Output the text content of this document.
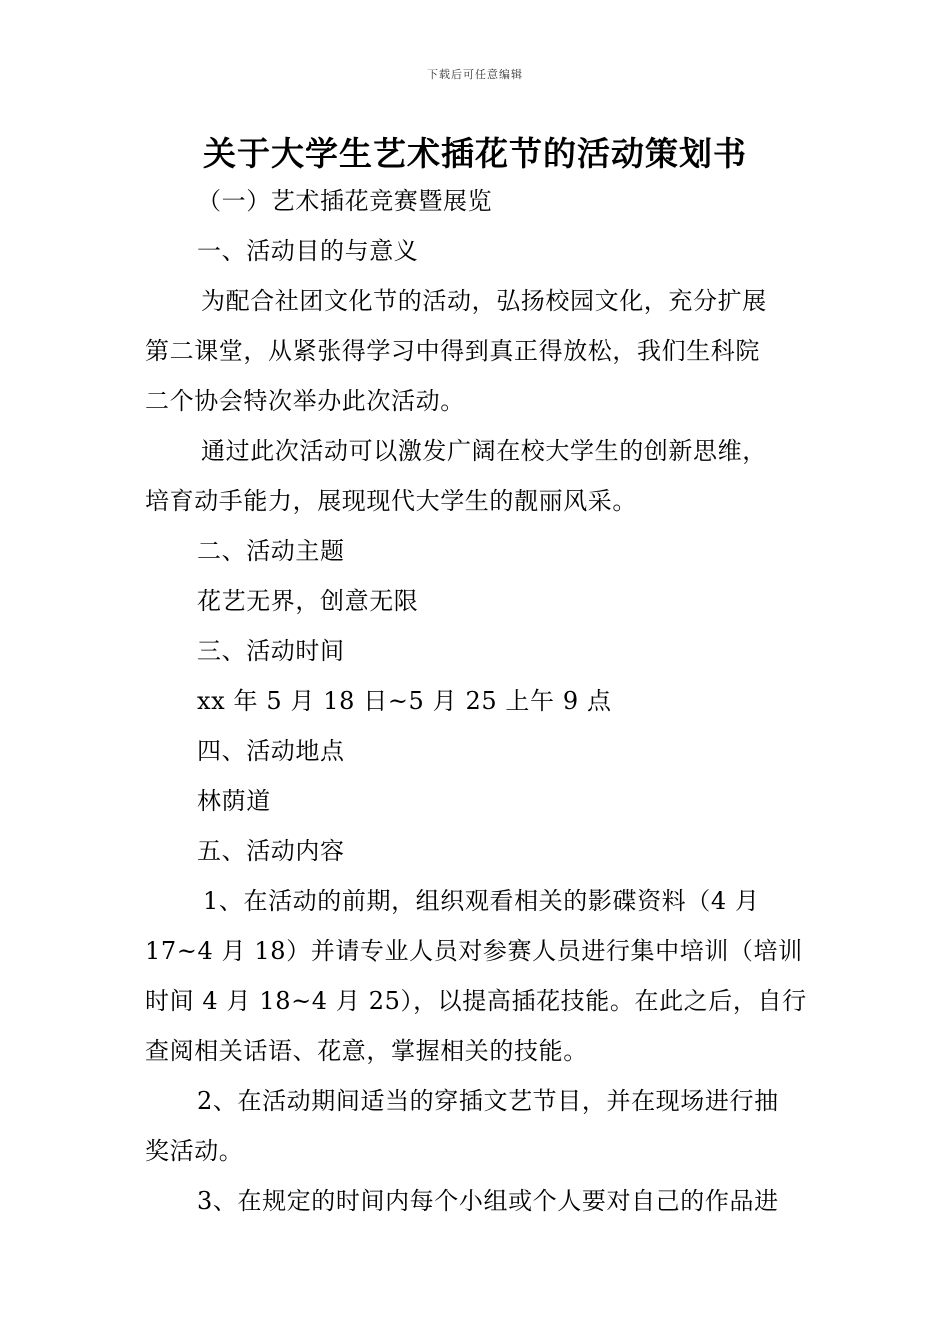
下载后可任意编辑
关于大学生艺术插花节的活动策划书

（一）艺术插花竞赛暨展览

一、活动目的与意义

为配合社团文化节的活动，弘扬校园文化，充分扩展
第二课堂，从紧张得学习中得到真正得放松，我们生科院
二个协会特次举办此次活动。

通过此次活动可以激发广阔在校大学生的创新思维，
培育动手能力，展现现代大学生的靓丽风采。

二、活动主题

花艺无界，创意无限

三、活动时间

xx 年 5 月 18 日~5 月 25 上午 9 点

四、活动地点

林荫道

五、活动内容

1、在活动的前期，组织观看相关的影碟资料（4 月
17~4 月 18）并请专业人员对参赛人员进行集中培训（培训
时间 4 月 18~4 月 25），以提高插花技能。在此之后，自行
查阅相关话语、花意，掌握相关的技能。

2、在活动期间适当的穿插文艺节目，并在现场进行抽
奖活动。

3、在规定的时间内每个小组或个人要对自己的作品进
